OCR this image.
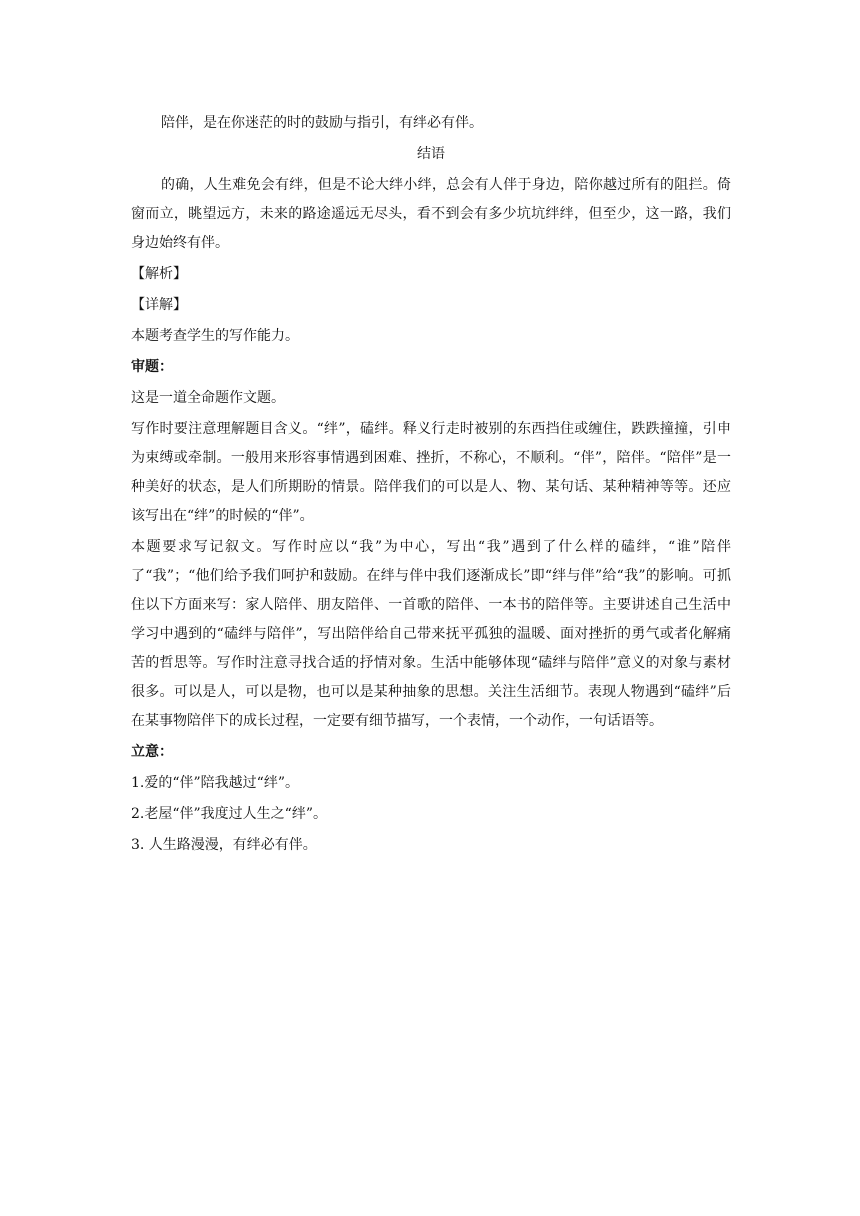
陪伴，是在你迷茫的时的鼓励与指引，有绊必有伴。

结语

的确，人生难免会有绊，但是不论大绊小绊，总会有人伴于身边，陪你越过所有的阻拦。倚窗而立，眺望远方，未来的路途遥远无尽头，看不到会有多少坑坑绊绊，但至少，这一路，我们身边始终有伴。

【解析】

【详解】

本题考查学生的写作能力。

审题：

这是一道全命题作文题。

写作时要注意理解题目含义。“绊”，磕绊。释义行走时被别的东西挡住或缠住，跌跌撞撞，引申为束缚或牵制。一般用来形容事情遇到困难、挫折，不称心，不顺利。“伴”，陪伴。“陪伴”是一种美好的状态，是人们所期盼的情景。陪伴我们的可以是人、物、某句话、某种精神等等。还应该写出在“绊”的时候的“伴”。

本题要求写记叙文。写作时应以“我”为中心，写出“我”遇到了什么样的磕绊，“谁”陪伴了“我”；“他们给予我们呵护和鼓励。在绊与伴中我们逐渐成长”即“绊与伴”给“我”的影响。可抓住以下方面来写：家人陪伴、朋友陪伴、一首歌的陪伴、一本书的陪伴等。主要讲述自己生活中学习中遇到的“磕绊与陪伴”，写出陪伴给自己带来抚平孤独的温暖、面对挫折的勇气或者化解痛苦的哲思等。写作时注意寻找合适的抒情对象。生活中能够体现“磕绊与陪伴”意义的对象与素材很多。可以是人，可以是物，也可以是某种抽象的思想。关注生活细节。表现人物遇到“磕绊”后在某事物陪伴下的成长过程，一定要有细节描写，一个表情，一个动作，一句话语等。

立意：

1.爱的“伴”陪我越过“绊”。

2.老屋“伴”我度过人生之“绊”。

3. 人生路漫漫，有绊必有伴。
